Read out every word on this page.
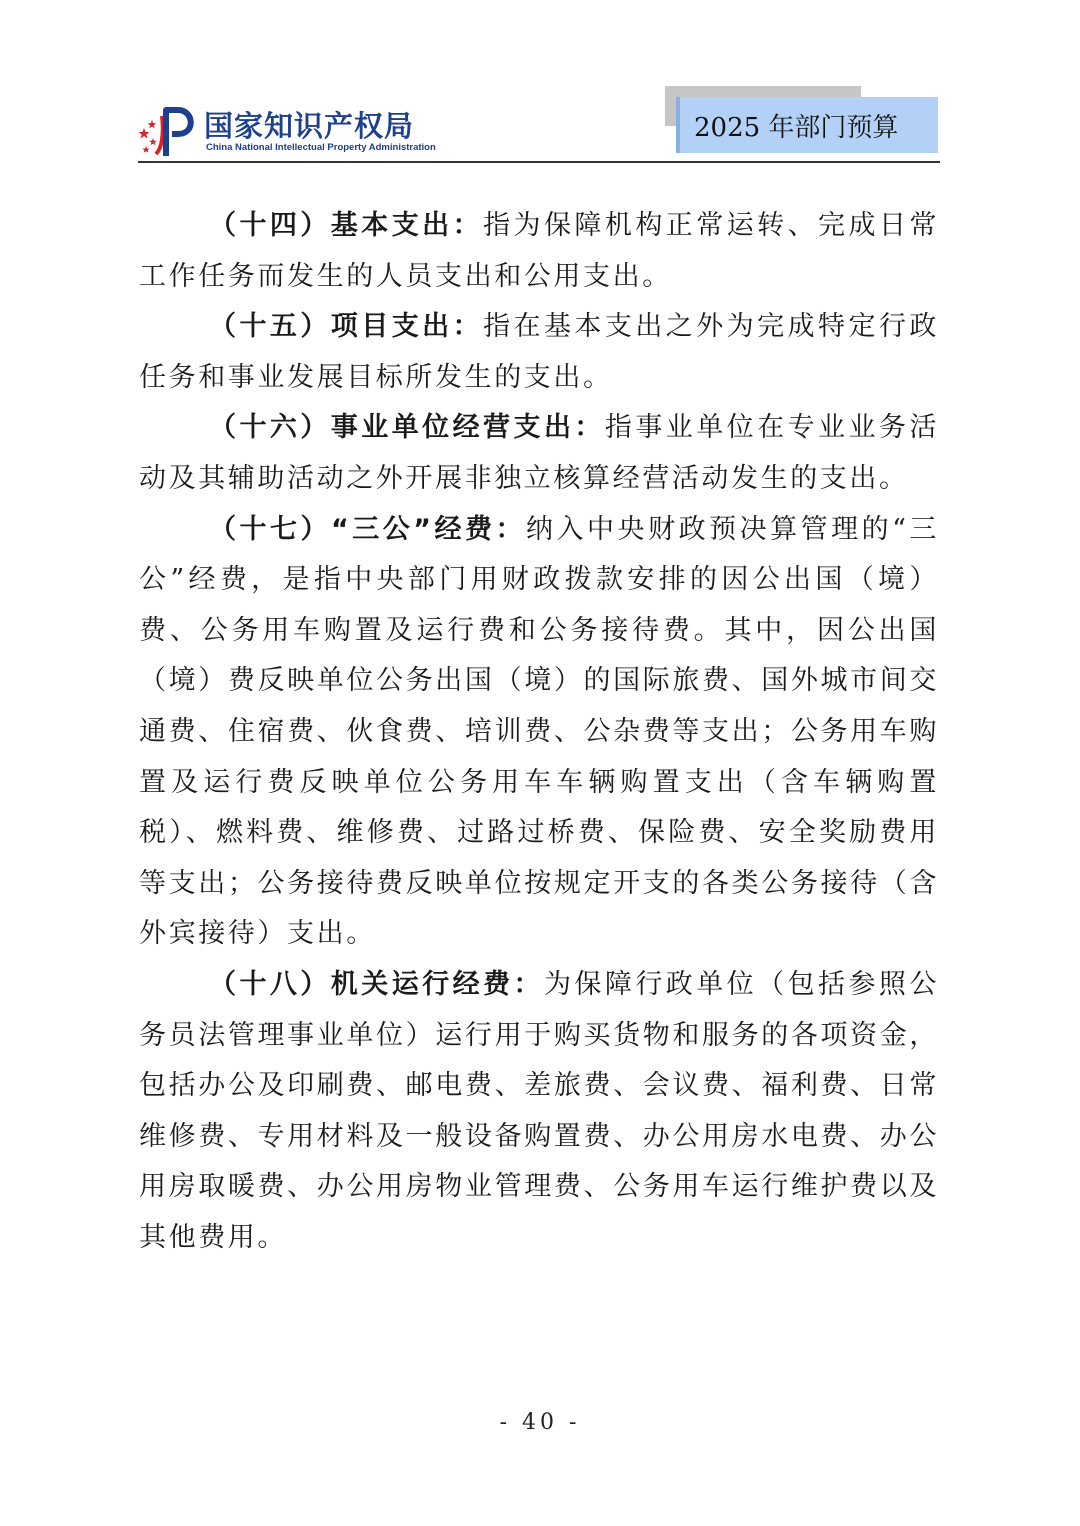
国家知识产权局
China National Intellectual Property Administration
2025 年部门预算

（十四）基本支出：指为保障机构正常运转、完成日常工作任务而发生的人员支出和公用支出。

（十五）项目支出：指在基本支出之外为完成特定行政任务和事业发展目标所发生的支出。

（十六）事业单位经营支出：指事业单位在专业业务活动及其辅助活动之外开展非独立核算经营活动发生的支出。

（十七）“三公”经费：纳入中央财政预决算管理的“三公”经费，是指中央部门用财政拨款安排的因公出国（境）费、公务用车购置及运行费和公务接待费。其中，因公出国（境）费反映单位公务出国（境）的国际旅费、国外城市间交通费、住宿费、伙食费、培训费、公杂费等支出；公务用车购置及运行费反映单位公务用车车辆购置支出（含车辆购置税）、燃料费、维修费、过路过桥费、保险费、安全奖励费用等支出；公务接待费反映单位按规定开支的各类公务接待（含外宾接待）支出。

（十八）机关运行经费：为保障行政单位（包括参照公务员法管理事业单位）运行用于购买货物和服务的各项资金，包括办公及印刷费、邮电费、差旅费、会议费、福利费、日常维修费、专用材料及一般设备购置费、办公用房水电费、办公用房取暖费、办公用房物业管理费、公务用车运行维护费以及其他费用。

- 40 -
